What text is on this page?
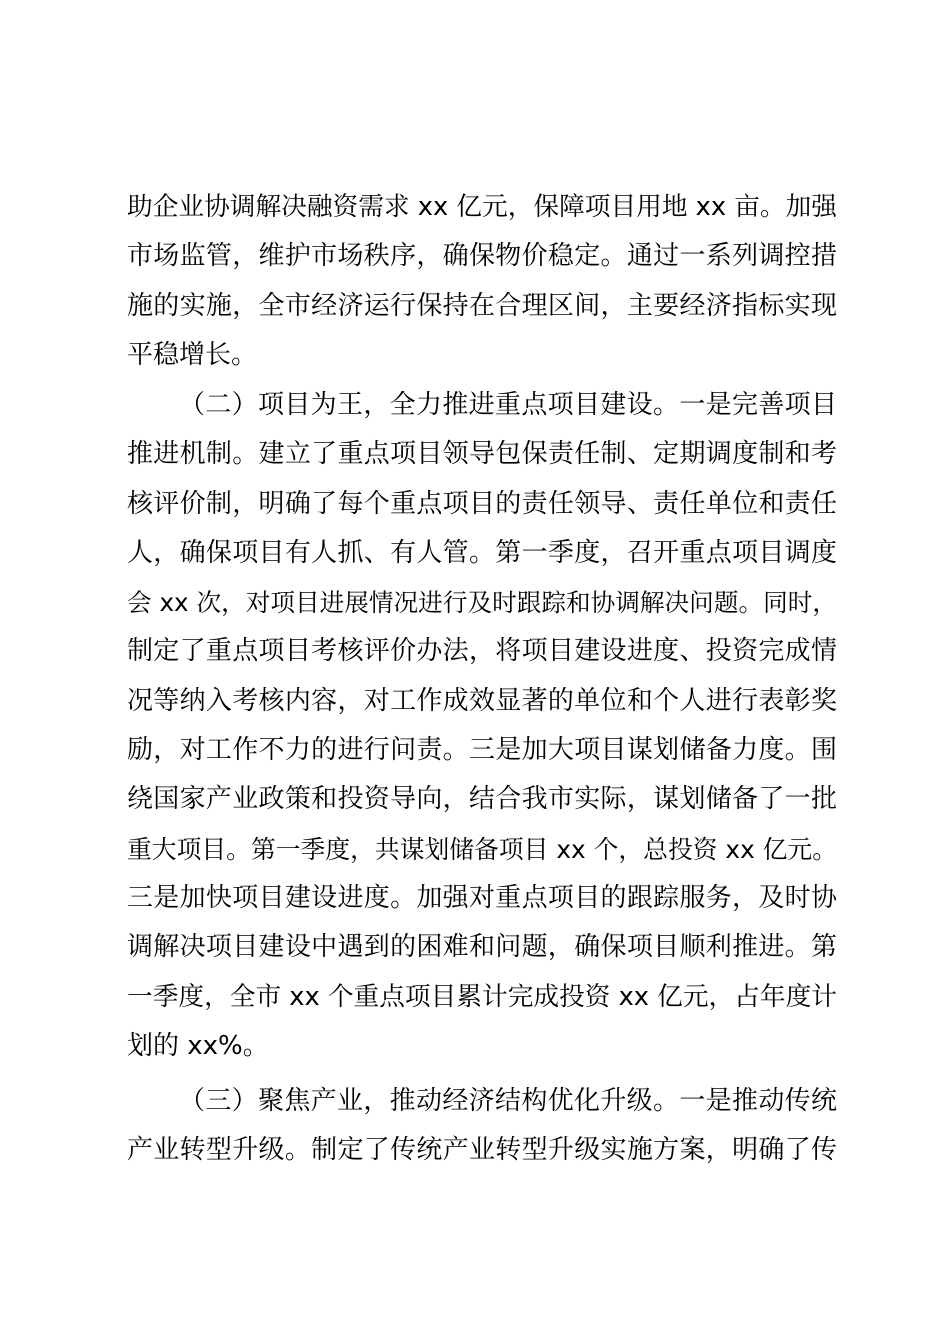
助企业协调解决融资需求 xx 亿元，保障项目用地 xx 亩。加强
市场监管，维护市场秩序，确保物价稳定。通过一系列调控措
施的实施，全市经济运行保持在合理区间，主要经济指标实现
平稳增长。
（二）项目为王，全力推进重点项目建设。一是完善项目
推进机制。建立了重点项目领导包保责任制、定期调度制和考
核评价制，明确了每个重点项目的责任领导、责任单位和责任
人，确保项目有人抓、有人管。第一季度，召开重点项目调度
会 xx 次，对项目进展情况进行及时跟踪和协调解决问题。同时，
制定了重点项目考核评价办法，将项目建设进度、投资完成情
况等纳入考核内容，对工作成效显著的单位和个人进行表彰奖
励，对工作不力的进行问责。三是加大项目谋划储备力度。围
绕国家产业政策和投资导向，结合我市实际，谋划储备了一批
重大项目。第一季度，共谋划储备项目 xx 个，总投资 xx 亿元。
三是加快项目建设进度。加强对重点项目的跟踪服务，及时协
调解决项目建设中遇到的困难和问题，确保项目顺利推进。第
一季度，全市 xx 个重点项目累计完成投资 xx 亿元，占年度计
划的 xx%。
（三）聚焦产业，推动经济结构优化升级。一是推动传统
产业转型升级。制定了传统产业转型升级实施方案，明确了传
